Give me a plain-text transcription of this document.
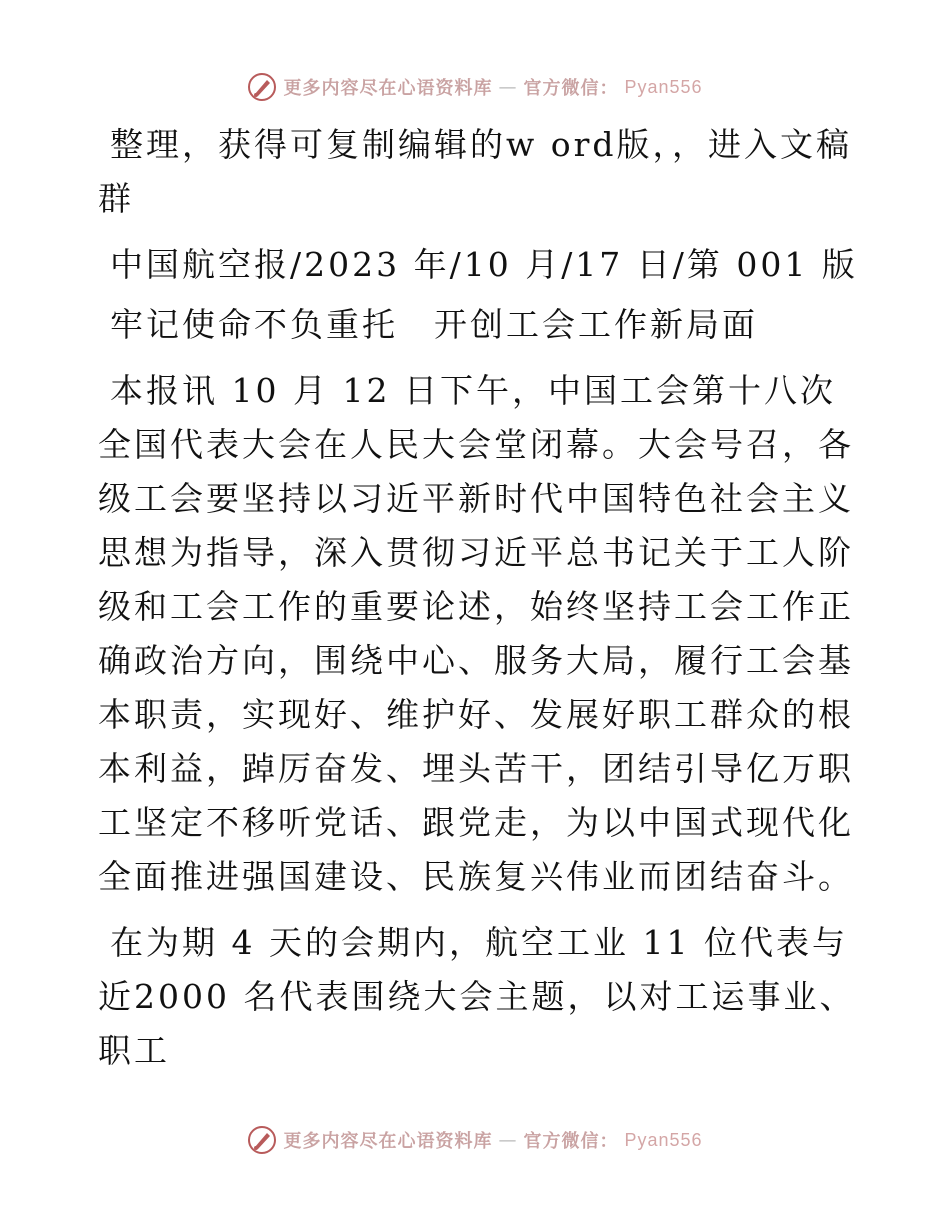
更多内容尽在心语资料库 — 官方微信： Pyan556

整理，获得可复制编辑的w ord版，，进入文稿群

中国航空报/2023 年/10 月/17 日/第 001 版

牢记使命不负重托　开创工会工作新局面

本报讯 10 月 12 日下午，中国工会第十八次全国代表大会在人民大会堂闭幕。大会号召，各级工会要坚持以习近平新时代中国特色社会主义思想为指导，深入贯彻习近平总书记关于工人阶级和工会工作的重要论述，始终坚持工会工作正确政治方向，围绕中心、服务大局，履行工会基本职责，实现好、维护好、发展好职工群众的根本利益，踔厉奋发、埋头苦干，团结引导亿万职工坚定不移听党话、跟党走，为以中国式现代化全面推进强国建设、民族复兴伟业而团结奋斗。

在为期 4 天的会期内，航空工业 11 位代表与近2000 名代表围绕大会主题，以对工运事业、职工

更多内容尽在心语资料库 — 官方微信： Pyan556
